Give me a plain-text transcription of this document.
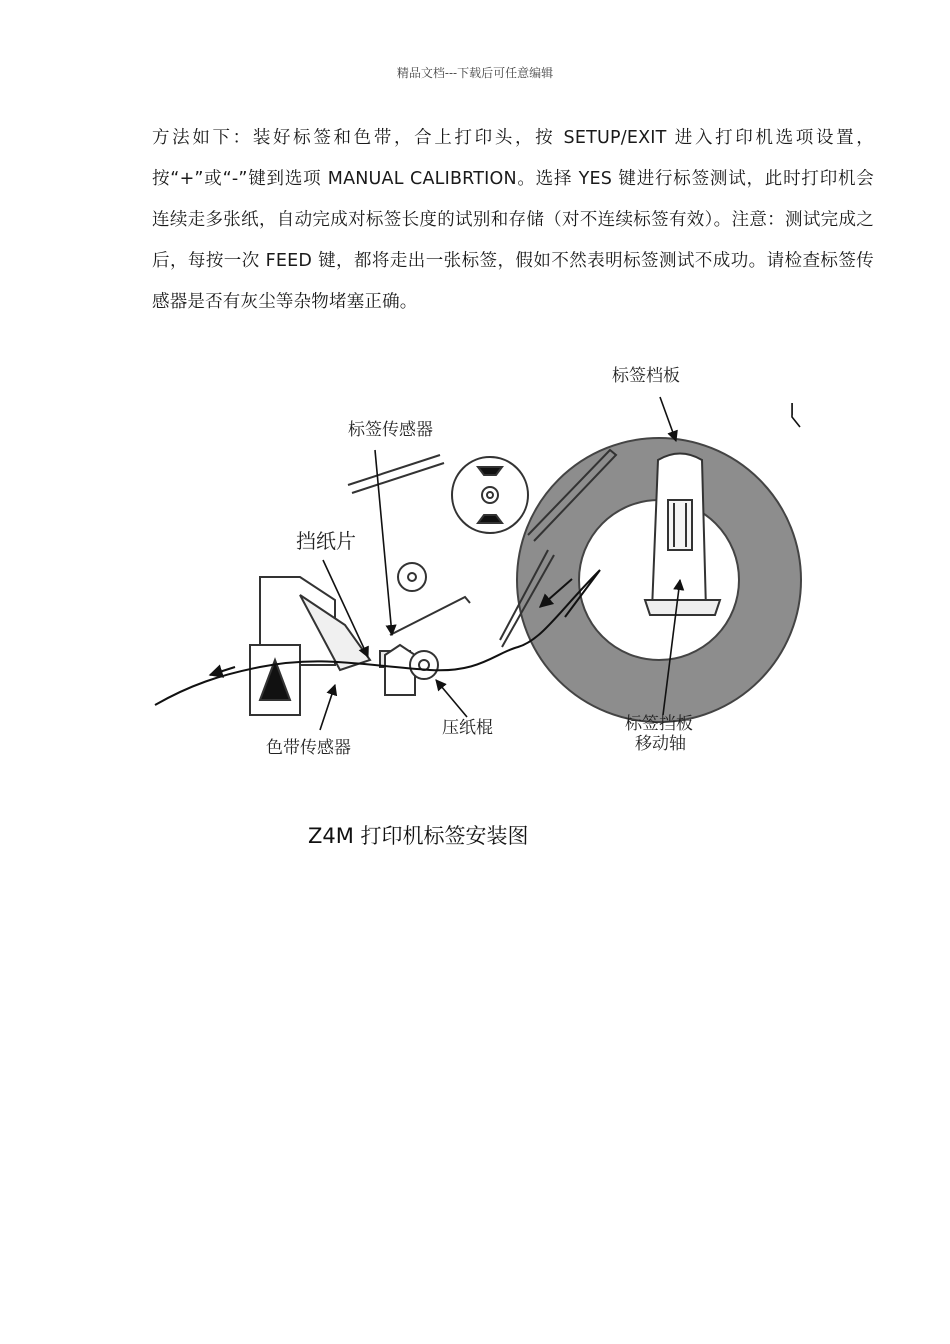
精品文档---下载后可任意编辑

方法如下：装好标签和色带，合上打印头，按 SETUP/EXIT 进入打印机选项设置，按“+”或“-”键到选项 MANUAL CALIBRTION。选择 YES 键进行标签测试，此时打印机会连续走多张纸，自动完成对标签长度的试别和存储（对不连续标签有效）。注意：测试完成之后，每按一次 FEED 键，都将走出一张标签，假如不然表明标签测试不成功。请检查标签传感器是否有灰尘等杂物堵塞正确。

标签档板
标签传感器
挡纸片
色带传感器
压纸棍	标签挡板
移动轴
l
Z4M 打印机标签安装图
